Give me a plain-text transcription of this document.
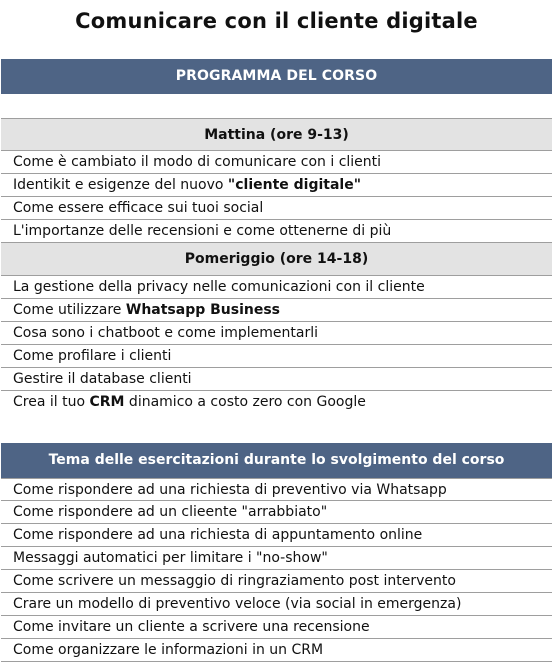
Comunicare con il cliente digitale
PROGRAMMA DEL CORSO
Mattina (ore 9-13)
Come è cambiato il modo di comunicare con i clienti
Identikit e esigenze del nuovo "cliente digitale"
Come essere efficace sui tuoi social
L'importanze delle recensioni e come ottenerne di più
Pomeriggio (ore 14-18)
La gestione della privacy nelle comunicazioni con il cliente
Come utilizzare Whatsapp Business
Cosa sono i chatboot e come implementarli
Come profilare i clienti
Gestire il database clienti
Crea il tuo CRM dinamico a costo zero con Google
Tema delle esercitazioni durante lo svolgimento del corso
Come rispondere ad una richiesta di preventivo via Whatsapp
Come rispondere ad un clieente "arrabbiato"
Come rispondere ad una richiesta di appuntamento online
Messaggi automatici per limitare i "no-show"
Come scrivere un messaggio di ringraziamento post intervento
Crare un modello di preventivo veloce (via social in emergenza)
Come invitare un cliente a scrivere una recensione
Come organizzare le informazioni in un CRM
